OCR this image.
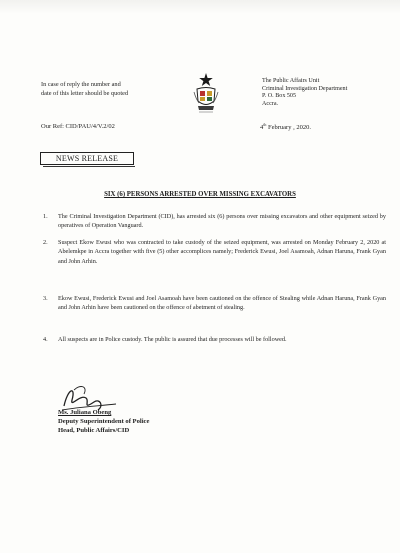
In case of reply the number and
date of this letter should be quoted
The Public Affairs Unit
Criminal Investigation Department
P. O. Box 505
Accra.
Our Ref: CID/PAU/4/V.2/02	4th February , 2020.
NEWS RELEASE
SIX (6) PERSONS ARRESTED OVER MISSING EXCAVATORS
1. The Criminal Investigation Department (CID), has arrested six (6) persons over missing excavators and other equipment seized by operatives of Operation Vanguard.
2. Suspect Ekow Ewusi who was contracted to take custody of the seized equipment, was arrested on Monday February 2, 2020 at Abelemkpe in Accra together with five (5) other accomplices namely; Frederick Ewusi, Joel Asamoah, Adnan Haruna, Frank Gyan and John Arhin.
3. Ekow Ewusi, Frederick Ewusi and Joel Asamoah have been cautioned on the offence of Stealing while Adnan Haruna, Frank Gyan and John Arhin have been cautioned on the offence of abetment of stealing.
4. All suspects are in Police custody. The public is assured that due processes will be followed.
Ms. Juliana Obeng
Deputy Superintendent of Police
Head, Public Affairs/CID
